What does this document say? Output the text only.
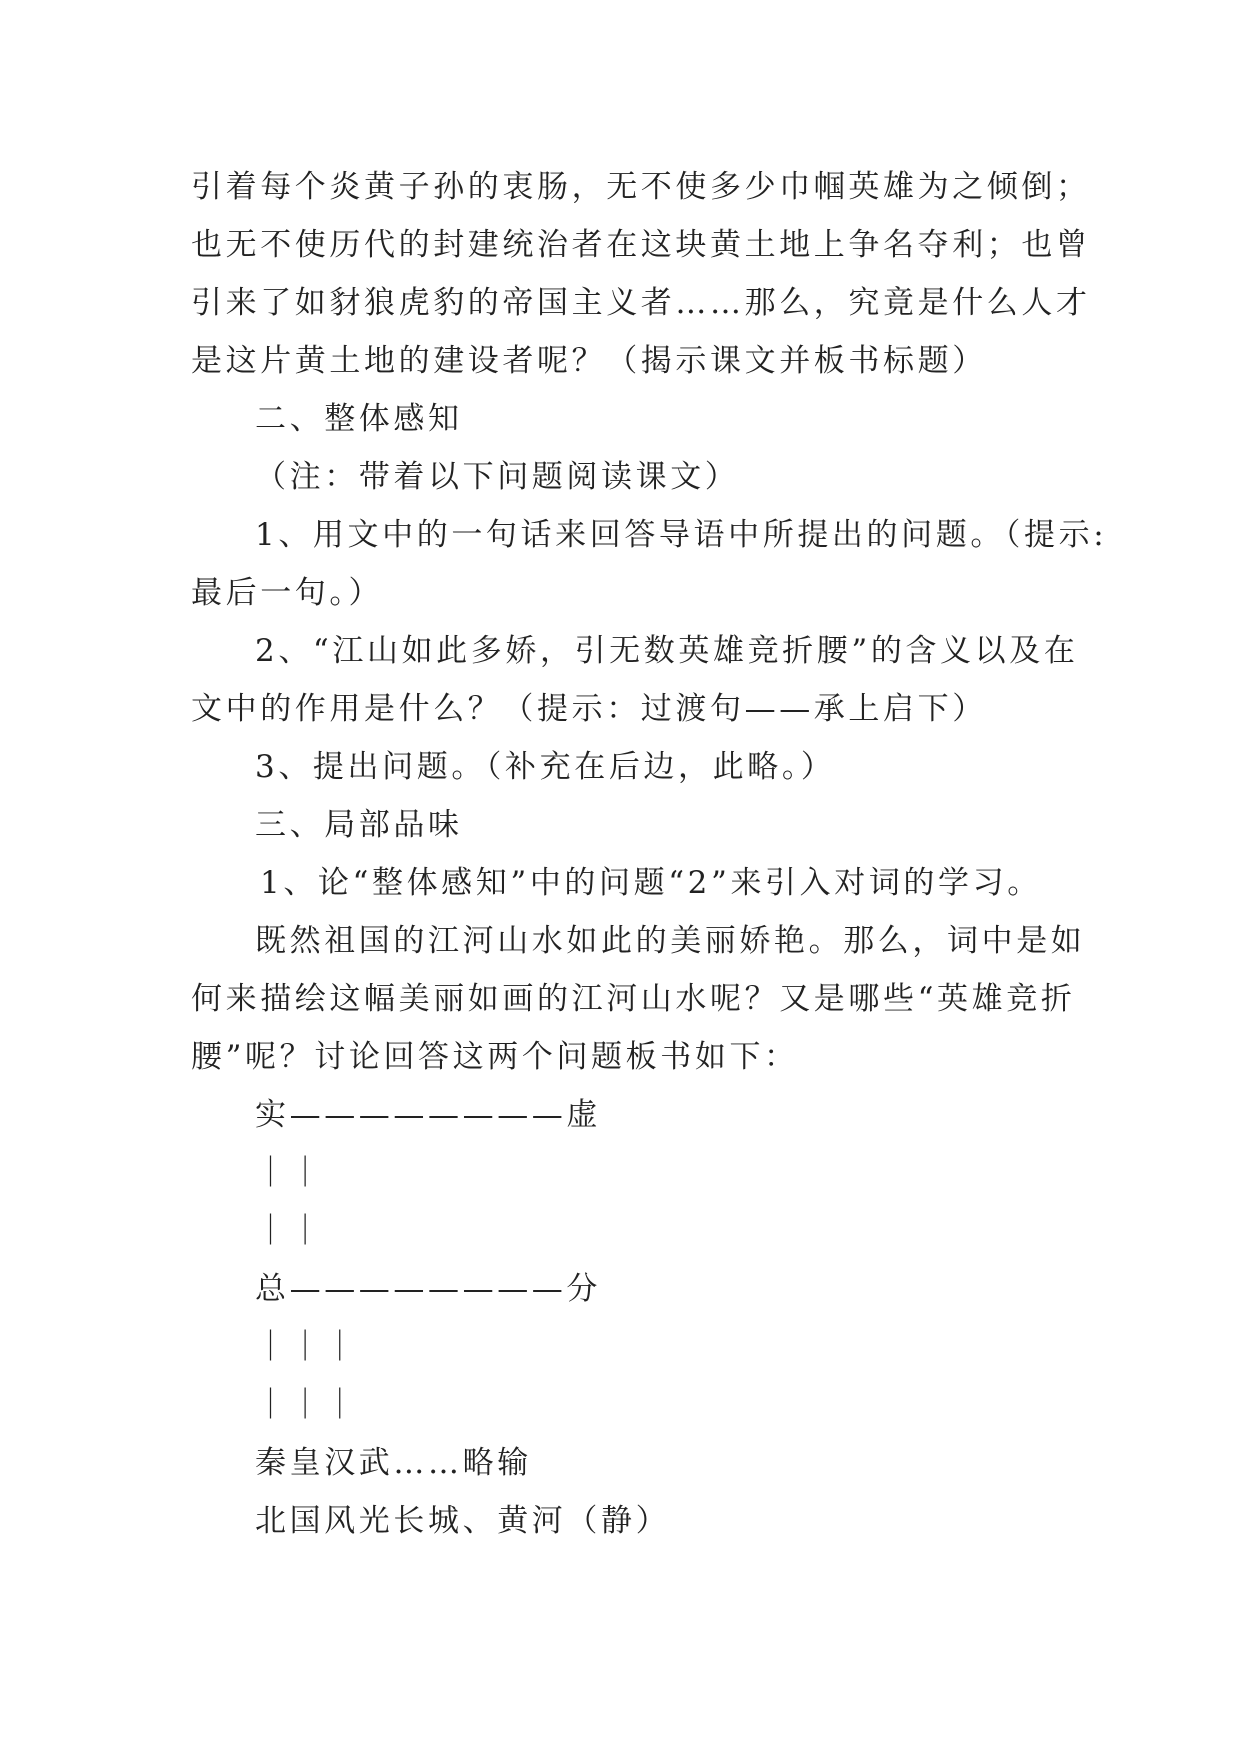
引着每个炎黄子孙的衷肠，无不使多少巾帼英雄为之倾倒；
也无不使历代的封建统治者在这块黄土地上争名夺利；也曾
引来了如豺狼虎豹的帝国主义者……那么，究竟是什么人才
是这片黄土地的建设者呢？（揭示课文并板书标题）
二、整体感知
（注：带着以下问题阅读课文）
1、用文中的一句话来回答导语中所提出的问题。（提示:
最后一句。）
2、“江山如此多娇，引无数英雄竞折腰”的含义以及在
文中的作用是什么？（提示：过渡句——承上启下）
3、提出问题。（补充在后边，此略。）
三、局部品味
1、论“整体感知”中的问题“2”来引入对词的学习。
既然祖国的江河山水如此的美丽娇艳。那么，词中是如
何来描绘这幅美丽如画的江河山水呢？又是哪些“英雄竞折
腰”呢？讨论回答这两个问题板书如下：
实————————虚
｜｜
｜｜
总————————分
｜｜｜
｜｜｜
秦皇汉武……略输
北国风光长城、黄河（静）
